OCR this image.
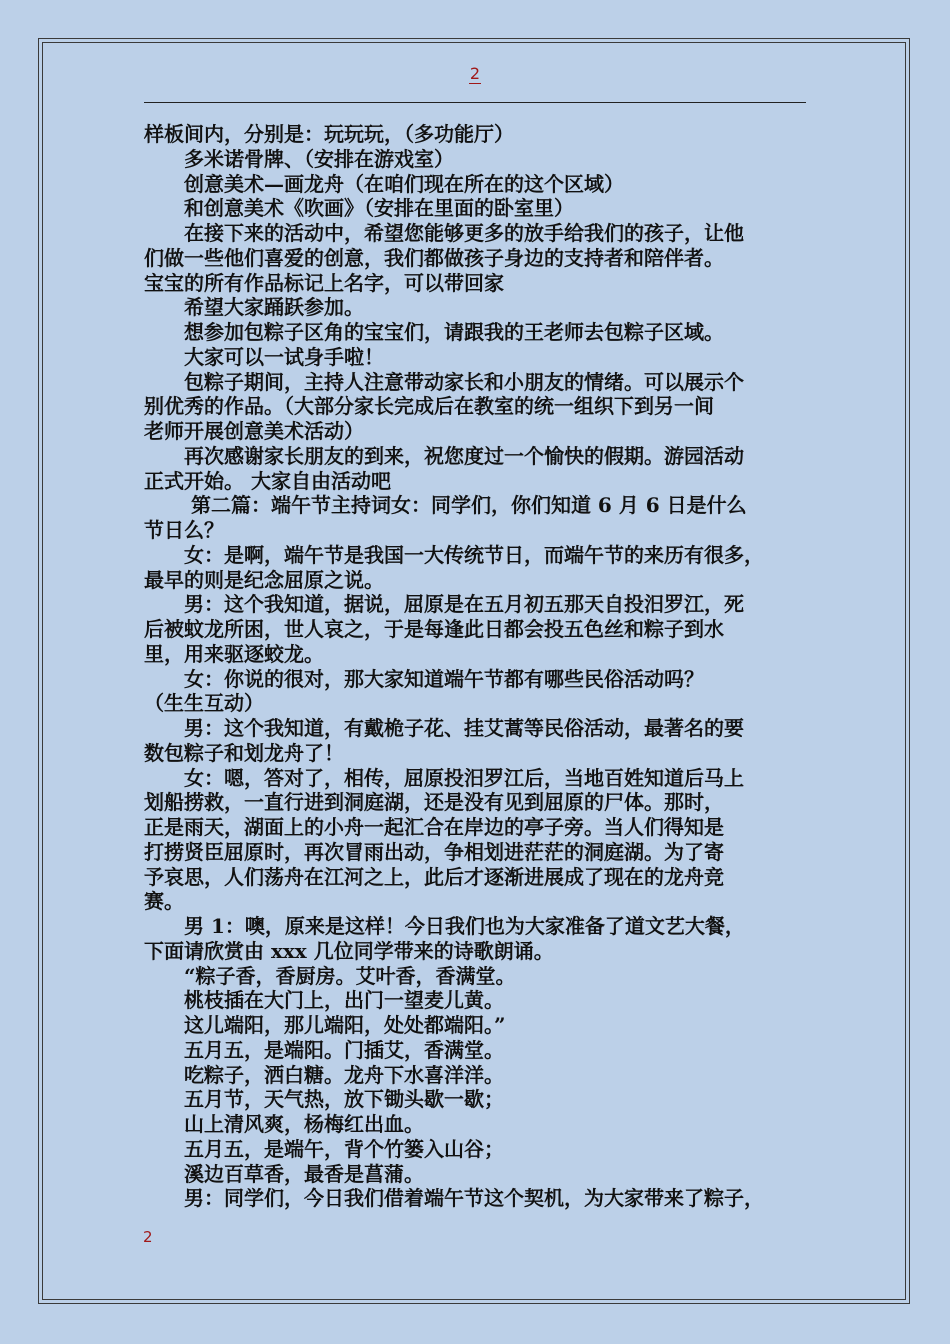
2

样板间内，分别是：玩玩玩，（多功能厅）

　　多米诺骨牌、（安排在游戏室）

　　创意美术—画龙舟（在咱们现在所在的这个区域）

　　和创意美术《吹画》（安排在里面的卧室里）

　　在接下来的活动中，希望您能够更多的放手给我们的孩子，让他

们做一些他们喜爱的创意，我们都做孩子身边的支持者和陪伴者。

宝宝的所有作品标记上名字，可以带回家

　　希望大家踊跃参加。

　　想参加包粽子区角的宝宝们，请跟我的王老师去包粽子区域。

　　大家可以一试身手啦！

　　包粽子期间，主持人注意带动家长和小朋友的情绪。可以展示个

别优秀的作品。（大部分家长完成后在教室的统一组织下到另一间

老师开展创意美术活动）

　　再次感谢家长朋友的到来，祝您度过一个愉快的假期。游园活动

正式开始。 大家自由活动吧

　　 第二篇：端午节主持词女：同学们，你们知道 6 月 6 日是什么

节日么？

　　女：是啊，端午节是我国一大传统节日，而端午节的来历有很多，

最早的则是纪念屈原之说。

　　男：这个我知道，据说，屈原是在五月初五那天自投汨罗江，死

后被蚊龙所困，世人哀之，于是每逢此日都会投五色丝和粽子到水

里，用来驱逐蛟龙。

　　女：你说的很对，那大家知道端午节都有哪些民俗活动吗？

（生生互动）

　　男：这个我知道，有戴桅子花、挂艾蒿等民俗活动，最著名的要

数包粽子和划龙舟了！

　　女：嗯，答对了，相传，屈原投汨罗江后，当地百姓知道后马上

划船捞救，一直行进到洞庭湖，还是没有见到屈原的尸体。那时，

正是雨天，湖面上的小舟一起汇合在岸边的亭子旁。当人们得知是

打捞贤臣屈原时，再次冒雨出动，争相划进茫茫的洞庭湖。为了寄

予哀思，人们荡舟在江河之上，此后才逐渐进展成了现在的龙舟竞

赛。

　　男 1：噢，原来是这样！今日我们也为大家准备了道文艺大餐，

下面请欣赏由 xxx 几位同学带来的诗歌朗诵。

　　“粽子香，香厨房。艾叶香，香满堂。

　　桃枝插在大门上，出门一望麦儿黄。

　　这儿端阳，那儿端阳，处处都端阳。”

　　五月五，是端阳。门插艾，香满堂。

　　吃粽子，洒白糖。龙舟下水喜洋洋。

　　五月节，天气热，放下锄头歇一歇；

　　山上清风爽，杨梅红出血。

　　五月五，是端午，背个竹篓入山谷；

　　溪边百草香，最香是菖蒲。

　　男：同学们，今日我们借着端午节这个契机，为大家带来了粽子，

2
